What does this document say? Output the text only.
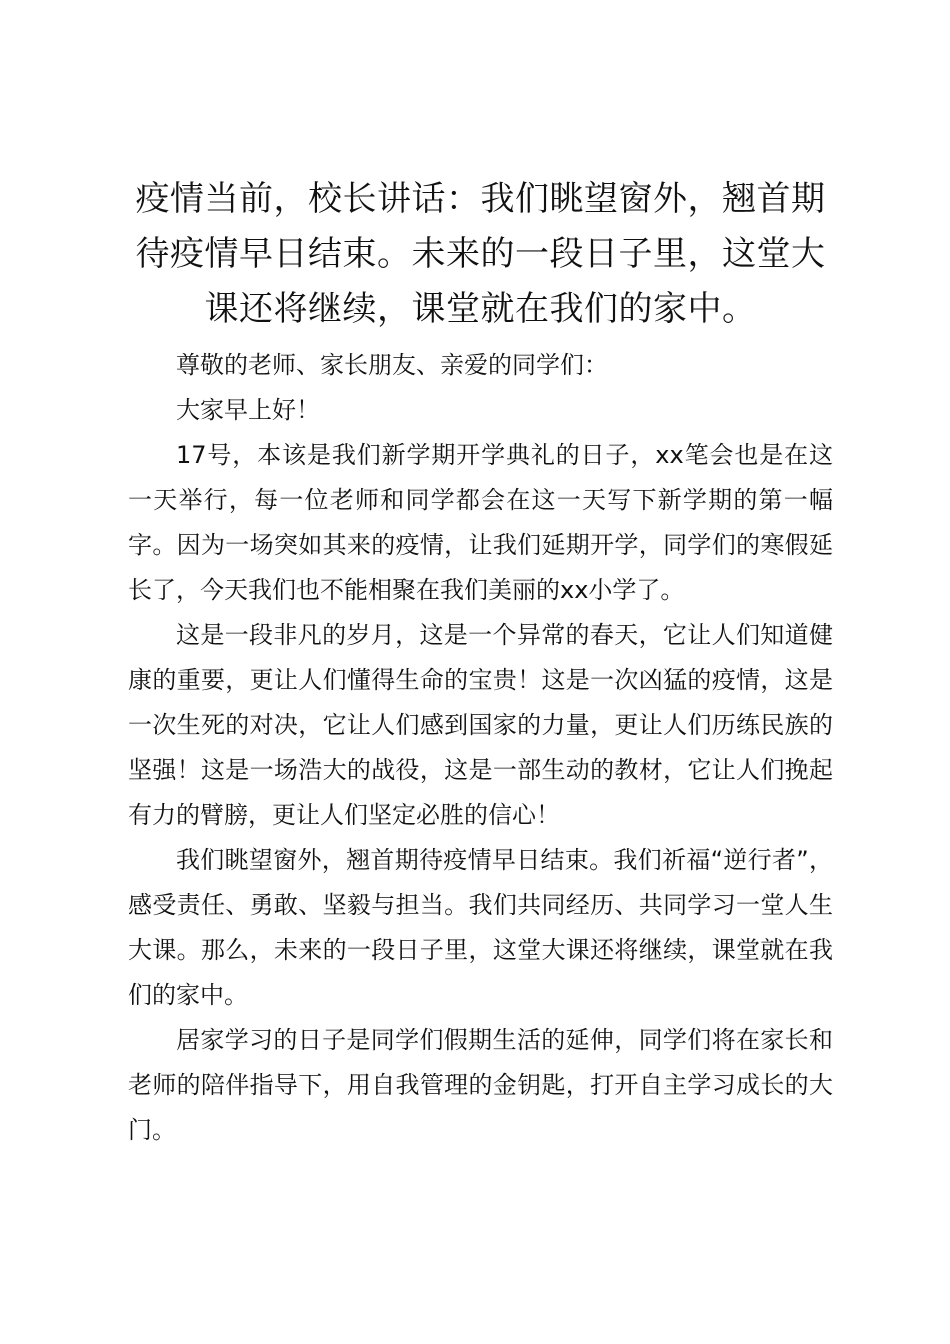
疫情当前，校长讲话：我们眺望窗外，翘首期待疫情早日结束。未来的一段日子里，这堂大课还将继续，课堂就在我们的家中。

尊敬的老师、家长朋友、亲爱的同学们：

大家早上好！

17号，本该是我们新学期开学典礼的日子，xx笔会也是在这一天举行，每一位老师和同学都会在这一天写下新学期的第一幅字。因为一场突如其来的疫情，让我们延期开学，同学们的寒假延长了，今天我们也不能相聚在我们美丽的xx小学了。

这是一段非凡的岁月，这是一个异常的春天，它让人们知道健康的重要，更让人们懂得生命的宝贵！这是一次凶猛的疫情，这是一次生死的对决，它让人们感到国家的力量，更让人们历练民族的坚强！这是一场浩大的战役，这是一部生动的教材，它让人们挽起有力的臂膀，更让人们坚定必胜的信心！

我们眺望窗外，翘首期待疫情早日结束。我们祈福“逆行者”，感受责任、勇敢、坚毅与担当。我们共同经历、共同学习一堂人生大课。那么，未来的一段日子里，这堂大课还将继续，课堂就在我们的家中。

居家学习的日子是同学们假期生活的延伸，同学们将在家长和老师的陪伴指导下，用自我管理的金钥匙，打开自主学习成长的大门。
